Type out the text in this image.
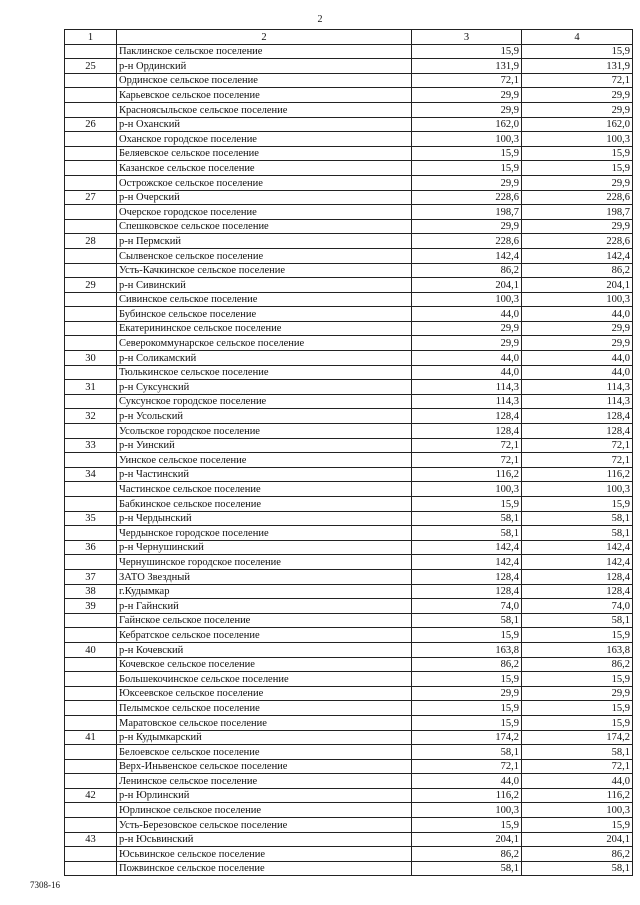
2
1	2	3	4
	Паклинское сельское поселение	15,9	15,9
25	р-н Ординский	131,9	131,9
	Ординское сельское поселение	72,1	72,1
	Карьевское сельское поселение	29,9	29,9
	Красноясыльское сельское поселение	29,9	29,9
26	р-н Оханский	162,0	162,0
	Оханское городское поселение	100,3	100,3
	Беляевское сельское поселение	15,9	15,9
	Казанское сельское поселение	15,9	15,9
	Острожское сельское поселение	29,9	29,9
27	р-н Очерский	228,6	228,6
	Очерское городское поселение	198,7	198,7
	Спешковское сельское поселение	29,9	29,9
28	р-н Пермский	228,6	228,6
	Сылвенское сельское поселение	142,4	142,4
	Усть-Качкинское сельское поселение	86,2	86,2
29	р-н Сивинский	204,1	204,1
	Сивинское сельское поселение	100,3	100,3
	Бубинское сельское поселение	44,0	44,0
	Екатерининское сельское поселение	29,9	29,9
	Северокоммунарское сельское поселение	29,9	29,9
30	р-н Соликамский	44,0	44,0
	Тюлькинское сельское поселение	44,0	44,0
31	р-н Суксунский	114,3	114,3
	Суксунское городское поселение	114,3	114,3
32	р-н Усольский	128,4	128,4
	Усольское городское поселение	128,4	128,4
33	р-н Уинский	72,1	72,1
	Уинское сельское поселение	72,1	72,1
34	р-н Частинский	116,2	116,2
	Частинское сельское поселение	100,3	100,3
	Бабкинское сельское поселение	15,9	15,9
35	р-н Чердынский	58,1	58,1
	Чердынское городское поселение	58,1	58,1
36	р-н Чернушинский	142,4	142,4
	Чернушинское городское поселение	142,4	142,4
37	ЗАТО Звездный	128,4	128,4
38	г.Кудымкар	128,4	128,4
39	р-н Гайнский	74,0	74,0
	Гайнское сельское поселение	58,1	58,1
	Кебратское сельское поселение	15,9	15,9
40	р-н Кочевский	163,8	163,8
	Кочевское сельское поселение	86,2	86,2
	Большекочинское сельское поселение	15,9	15,9
	Юксеевское сельское поселение	29,9	29,9
	Пелымское сельское поселение	15,9	15,9
	Маратовское сельское поселение	15,9	15,9
41	р-н Кудымкарский	174,2	174,2
	Белоевское сельское поселение	58,1	58,1
	Верх-Иньвенское сельское поселение	72,1	72,1
	Ленинское сельское поселение	44,0	44,0
42	р-н Юрлинский	116,2	116,2
	Юрлинское сельское поселение	100,3	100,3
	Усть-Березовское сельское поселение	15,9	15,9
43	р-н Юсьвинский	204,1	204,1
	Юсьвинское сельское поселение	86,2	86,2
	Пожвинское сельское поселение	58,1	58,1
7308-16
